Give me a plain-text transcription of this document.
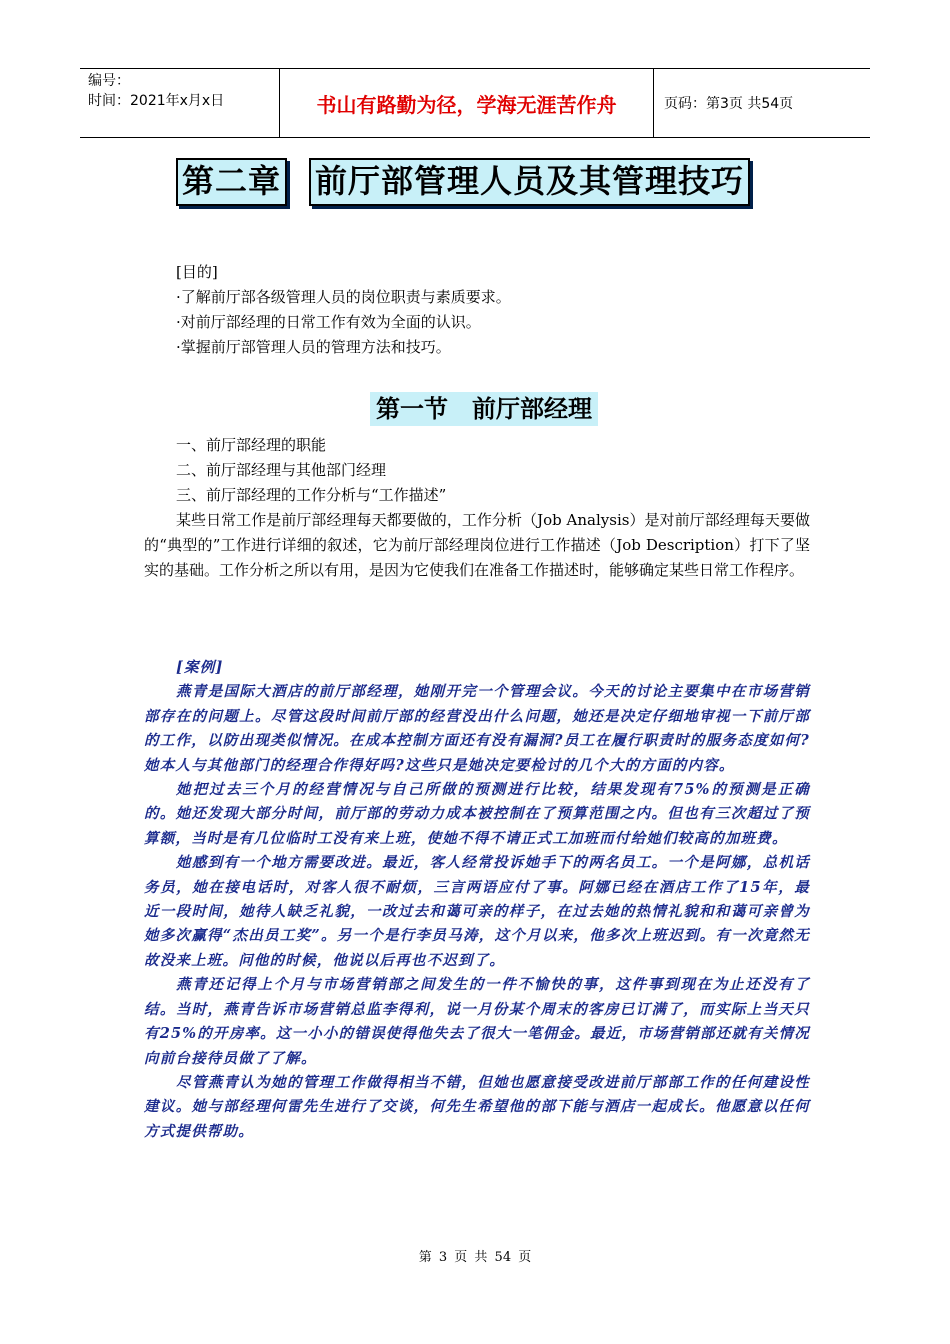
编号：
时间：2021年x月x日	书山有路勤为径，学海无涯苦作舟	页码：第3页 共54页
第二章 前厅部管理人员及其管理技巧
[目的]
·了解前厅部各级管理人员的岗位职责与素质要求。
·对前厅部经理的日常工作有效为全面的认识。
·掌握前厅部管理人员的管理方法和技巧。
第一节　前厅部经理
一、前厅部经理的职能
二、前厅部经理与其他部门经理
三、前厅部经理的工作分析与“工作描述”
某些日常工作是前厅部经理每天都要做的，工作分析（Job Analysis）是对前厅部经理每天要做的“典型的”工作进行详细的叙述，它为前厅部经理岗位进行工作描述（Job Description）打下了坚实的基础。工作分析之所以有用，是因为它使我们在准备工作描述时，能够确定某些日常工作程序。
[案例]

燕青是国际大酒店的前厅部经理，她刚开完一个管理会议。今天的讨论主要集中在市场营销部存在的问题上。尽管这段时间前厅部的经营没出什么问题，她还是决定仔细地审视一下前厅部的工作，以防出现类似情况。在成本控制方面还有没有漏洞?员工在履行职责时的服务态度如何?她本人与其他部门的经理合作得好吗?这些只是她决定要检讨的几个大的方面的内容。

她把过去三个月的经营情况与自己所做的预测进行比较，结果发现有75%的预测是正确的。她还发现大部分时间，前厅部的劳动力成本被控制在了预算范围之内。但也有三次超过了预算额，当时是有几位临时工没有来上班，使她不得不请正式工加班而付给她们较高的加班费。

她感到有一个地方需要改进。最近，客人经常投诉她手下的两名员工。一个是阿娜，总机话务员，她在接电话时，对客人很不耐烦，三言两语应付了事。阿娜已经在酒店工作了15年，最近一段时间，她待人缺乏礼貌，一改过去和蔼可亲的样子，在过去她的热情礼貌和和蔼可亲曾为她多次赢得“杰出员工奖”。另一个是行李员马涛，这个月以来，他多次上班迟到。有一次竟然无故没来上班。问他的时候，他说以后再也不迟到了。

燕青还记得上个月与市场营销部之间发生的一件不愉快的事，这件事到现在为止还没有了结。当时，燕青告诉市场营销总监李得利，说一月份某个周末的客房已订满了，而实际上当天只有25%的开房率。这一小小的错误使得他失去了很大一笔佣金。最近，市场营销部还就有关情况向前台接待员做了了解。

尽管燕青认为她的管理工作做得相当不错，但她也愿意接受改进前厅部部工作的任何建设性建议。她与部经理何雷先生进行了交谈，何先生希望他的部下能与酒店一起成长。他愿意以任何方式提供帮助。

第 3 页 共 54 页
